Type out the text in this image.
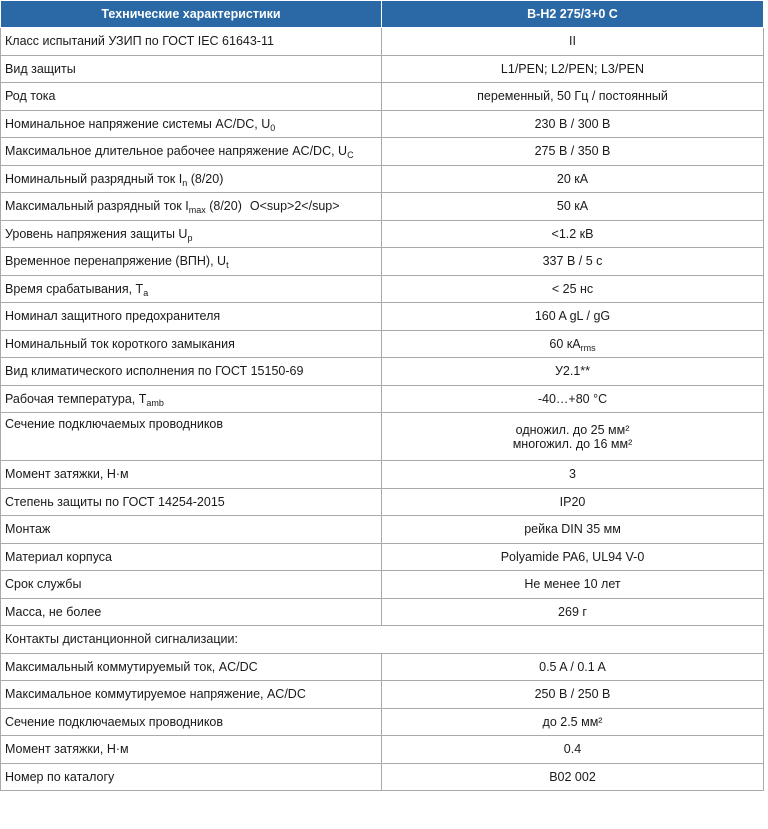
Технические характеристики	B-H2 275/3+0 C
Класс испытаний УЗИП по ГОСТ IEC 61643-11	II
Вид защиты	L1/PEN; L2/PEN; L3/PEN
Род тока	переменный, 50 Гц / постоянный
Номинальное напряжение системы AC/DC, $U_0$	230 В / 300 В
Максимальное длительное рабочее напряжение AC/DC, $U_C$	275 В / 350 В
Номинальный разрядный ток $I_n$ (8/20)	20 кА
Максимальный разрядный ток $I_{max}$ (8/20) O<sup>2</sup>	50 кА
Уровень напряжения защиты $U_p$	<1.2 кВ
Временное перенапряжение (ВПН), $U_t$	337 В / 5 с
Время срабатывания, $T_a$	< 25 нс
Номинал защитного предохранителя	160 A gL / gG
Номинальный ток короткого замыкания	60 $кА_{rms}$
Вид климатического исполнения по ГОСТ 15150-69	У2.1**
Рабочая температура, $T_{amb}$	-40…+80 °C
Сечение подключаемых проводников	одножил. до 25 мм²
многожил. до 16 мм²
Момент затяжки, Н·м	3
Степень защиты по ГОСТ 14254-2015	IP20
Монтаж	рейка DIN 35 мм
Материал корпуса	Polyamide PA6, UL94 V-0
Срок службы	Не менее 10 лет
Масса, не более	269 г
Контакты дистанционной сигнализации:	
Максимальный коммутируемый ток, AC/DC	0.5 A / 0.1 A
Максимальное коммутируемое напряжение, AC/DC	250 В / 250 В
Сечение подключаемых проводников	до 2.5 мм²
Момент затяжки, Н·м	0.4
Номер по каталогу	B02 002
